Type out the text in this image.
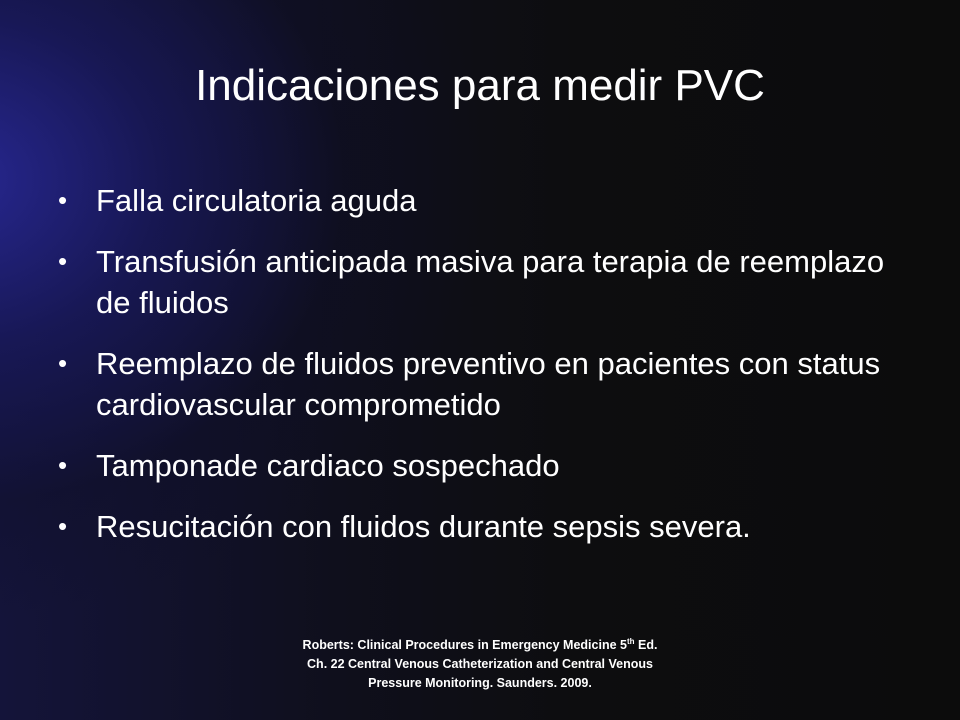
Indicaciones para medir PVC
• Falla circulatoria aguda
• Transfusión anticipada masiva para terapia de reemplazo de fluidos
• Reemplazo de fluidos preventivo en pacientes con status cardiovascular comprometido
• Tamponade cardiaco sospechado
• Resucitación con fluidos durante sepsis severa.
Roberts: Clinical Procedures in Emergency Medicine 5th Ed. Ch. 22 Central Venous Catheterization and Central Venous Pressure Monitoring. Saunders. 2009.
